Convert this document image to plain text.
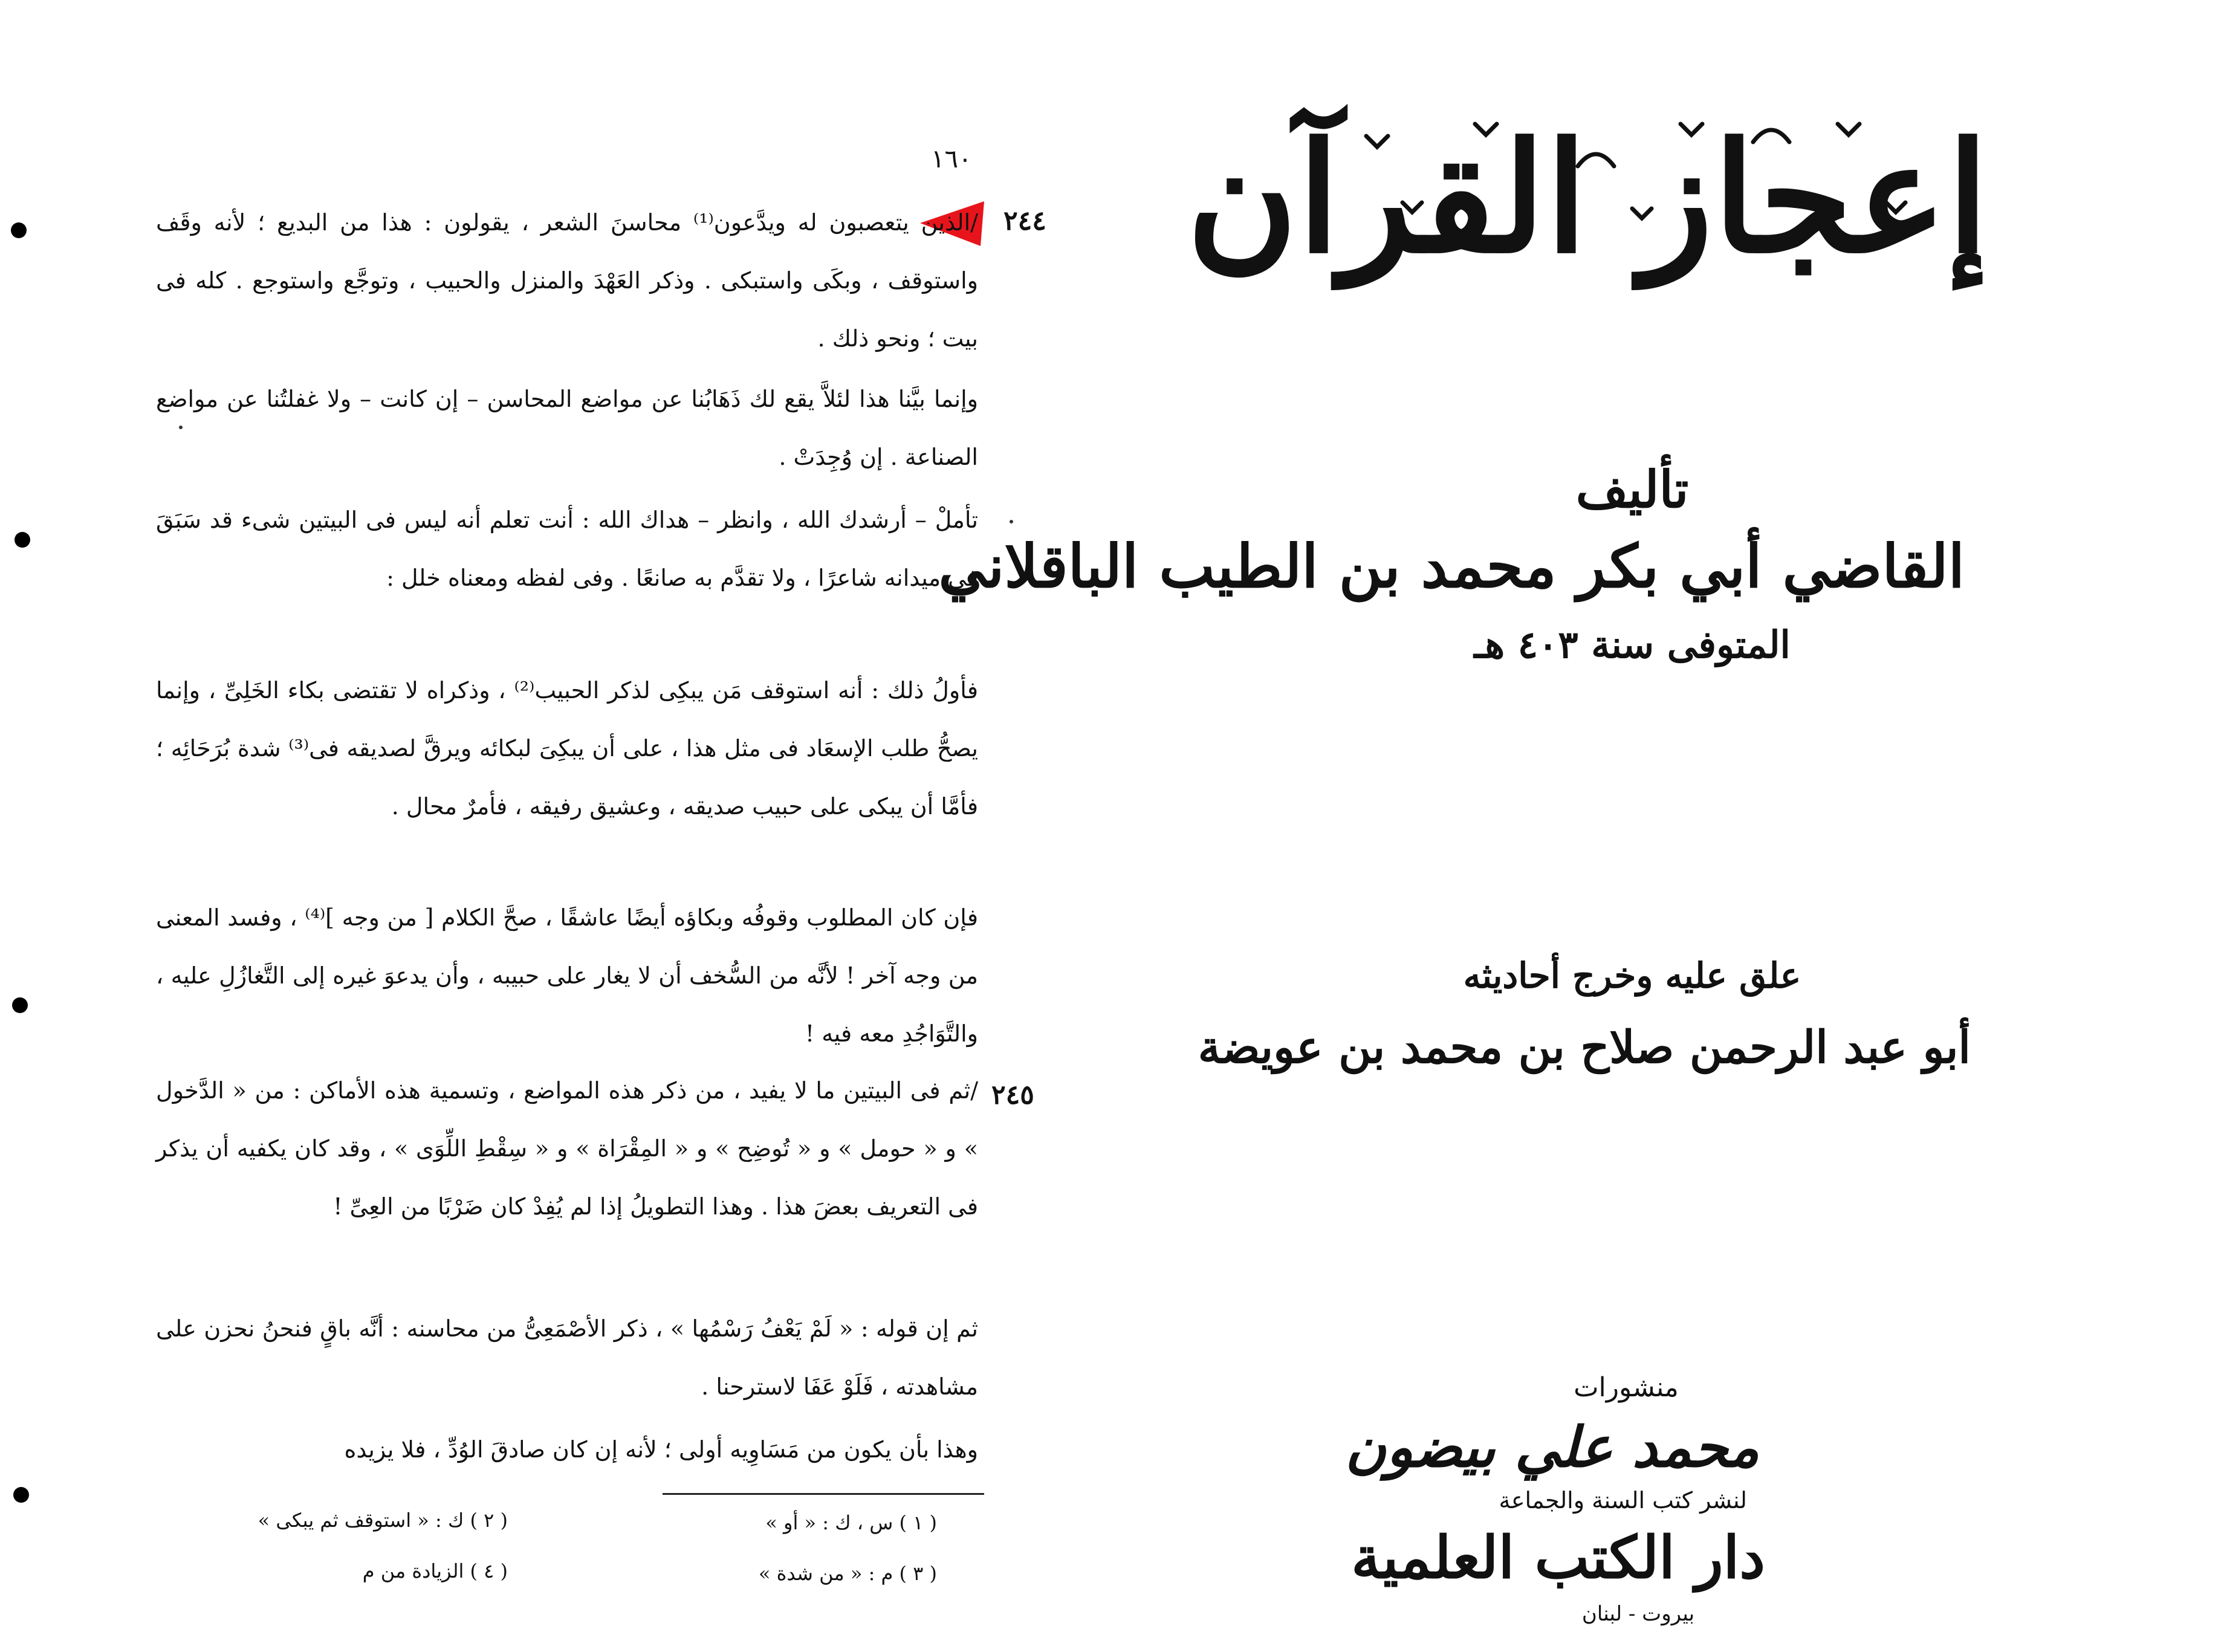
١٦٠
٢٤٤
٢٤٥
/الذين يتعصبون له ويدَّعون⁽¹⁾ محاسنَ الشعر ، يقولون : هذا من البديع ؛ لأنه وقَف واستوقف ، وبكَى واستبكى . وذكر العَهْدَ والمنزل والحبيب ، وتوجَّع واستوجع . كله فى بيت ؛ ونحو ذلك .
وإنما بيَّنا هذا لئلاَّ يقع لك ذَهَابُنا عن مواضع المحاسن – إن كانت – ولا غفلتُنا عن مواضع الصناعة . إن وُجِدَتْ .
تأملْ – أرشدك الله ، وانظر – هداك الله : أنت تعلم أنه ليس فى البيتين شىء قد سَبَقَ فى ميدانه شاعرًا ، ولا تقدَّم به صانعًا . وفى لفظه ومعناه خلل :
فأولُ ذلك : أنه استوقف مَن يبكِى لذكر الحبيب⁽²⁾ ، وذكراه لا تقتضى بكاء الخَلِىِّ ، وإنما يصحُّ طلب الإسعَاد فى مثل هذا ، على أن يبكِىَ لبكائه ويرقَّ لصديقه فى⁽³⁾ شدة بُرَحَائِه ؛ فأمَّا أن يبكى على حبيب صديقه ، وعشيق رفيقه ، فأمرٌ محال .
فإن كان المطلوب وقوفُه وبكاؤه أيضًا عاشقًا ، صحَّ الكلام [ من وجه ]⁽⁴⁾ ، وفسد المعنى من وجه آخر ! لأنَّه من السُّخف أن لا يغار على حبيبه ، وأن يدعوَ غيره إلى التَّغازُلِ عليه ، والتَّوَاجُدِ معه فيه !
/ثم فى البيتين ما لا يفيد ، من ذكر هذه المواضع ، وتسمية هذه الأماكن : من « الدَّخول » و « حومل » و « تُوضِح » و « المِقْرَاة » و « سِقْطِ اللِّوَى » ، وقد كان يكفيه أن يذكر فى التعريف بعضَ هذا . وهذا التطويلُ إذا لم يُفِدْ كان ضَرْبًا من العِىِّ !
ثم إن قوله : « لَمْ يَعْفُ رَسْمُها » ، ذكر الأصْمَعِىُّ من محاسنه : أنَّه باقٍ فنحنُ نحزن على مشاهدته ، فَلَوْ عَفَا لاسترحنا .
وهذا بأن يكون من مَسَاوِيه أولى ؛ لأنه إن كان صادقَ الوُدِّ ، فلا يزيده
( ١ ) س ، ك : « أو »
( ٢ ) ك : « استوقف ثم يبكى »
( ٣ ) م : « من شدة »
( ٤ ) الزيادة من م
إعجاز القرآن
تأليف
القاضي أبي بكر محمد بن الطيب الباقلاني
المتوفى سنة ٤٠٣ هـ
علق عليه وخرج أحاديثه
أبو عبد الرحمن صلاح بن محمد بن عويضة
منشورات
محمد علي بيضون
لنشر كتب السنة والجماعة
دار الكتب العلمية
بيروت - لبنان
